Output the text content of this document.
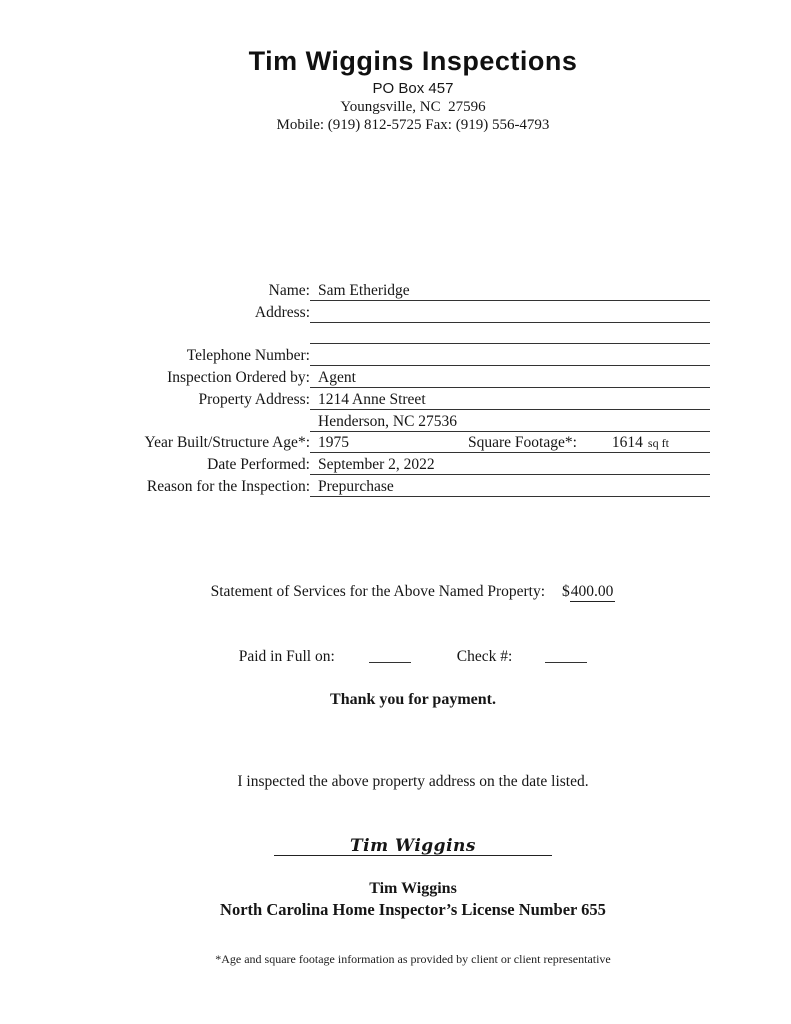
Tim Wiggins Inspections
PO Box 457
Youngsville, NC  27596
Mobile: (919) 812-5725 Fax: (919) 556-4793
Name: Sam Etheridge
Address:
Telephone Number:
Inspection Ordered by: Agent
Property Address: 1214 Anne Street
Henderson, NC 27536
Year Built/Structure Age*: 1975	Square Footage*: 1614 sq ft
Date Performed: September 2, 2022
Reason for the Inspection: Prepurchase
Statement of Services for the Above Named Property: $400.00
Paid in Full on:	Check #:
Thank you for payment.
I inspected the above property address on the date listed.
Tim Wiggins
Tim Wiggins
North Carolina Home Inspector’s License Number 655
*Age and square footage information as provided by client or client representative
